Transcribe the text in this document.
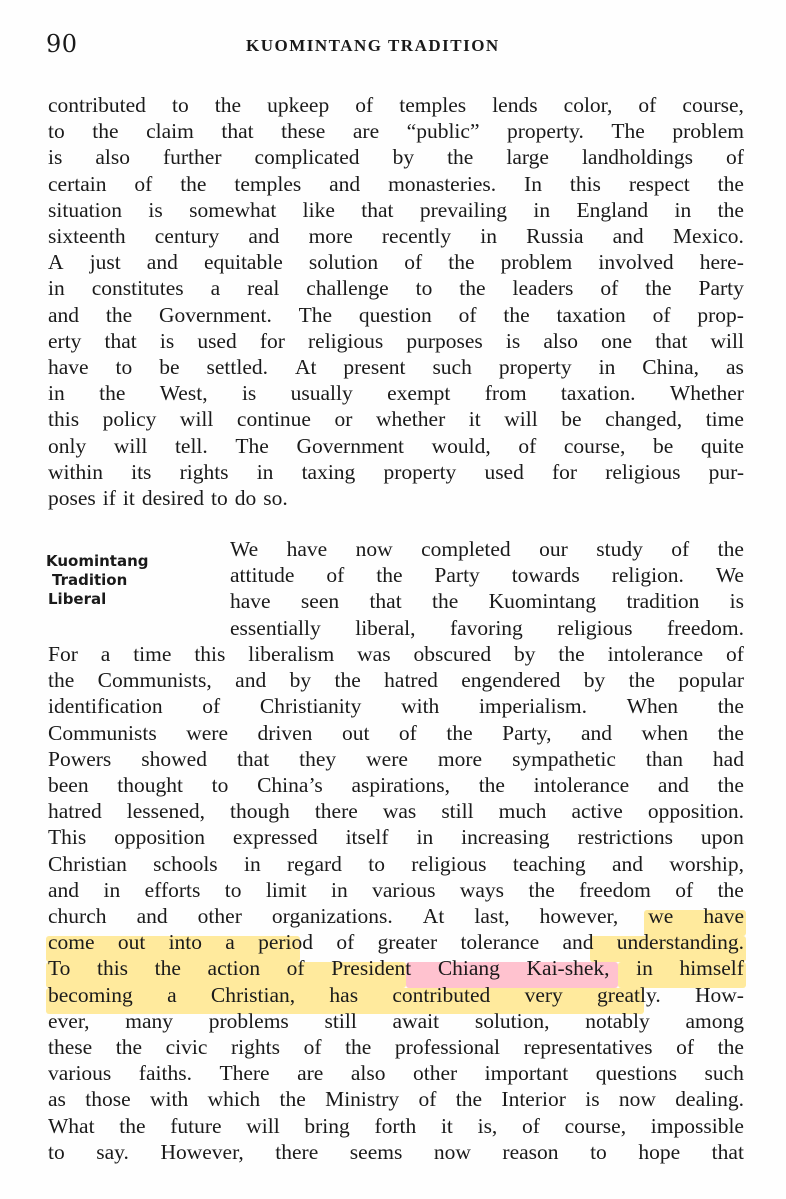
90	KUOMINTANG TRADITION
contributed to the upkeep of temples lends color, of course,
to the claim that these are “public” property. The problem
is also further complicated by the large landholdings of
certain of the temples and monasteries. In this respect the
situation is somewhat like that prevailing in England in the
sixteenth century and more recently in Russia and Mexico.
A just and equitable solution of the problem involved here-
in constitutes a real challenge to the leaders of the Party
and the Government. The question of the taxation of prop-
erty that is used for religious purposes is also one that will
have to be settled. At present such property in China, as
in the West, is usually exempt from taxation. Whether
this policy will continue or whether it will be changed, time
only will tell. The Government would, of course, be quite
within its rights in taxing property used for religious pur-
poses if it desired to do so.
Kuomintang
Tradition
Liberal
We have now completed our study of the
attitude of the Party towards religion. We
have seen that the Kuomintang tradition is
essentially liberal, favoring religious freedom.
For a time this liberalism was obscured by the intolerance of
the Communists, and by the hatred engendered by the popular
identification of Christianity with imperialism. When the
Communists were driven out of the Party, and when the
Powers showed that they were more sympathetic than had
been thought to China’s aspirations, the intolerance and the
hatred lessened, though there was still much active opposition.
This opposition expressed itself in increasing restrictions upon
Christian schools in regard to religious teaching and worship,
and in efforts to limit in various ways the freedom of the
church and other organizations. At last, however, we have
come out into a period of greater tolerance and understanding.
To this the action of President Chiang Kai-shek, in himself
becoming a Christian, has contributed very greatly. How-
ever, many problems still await solution, notably among
these the civic rights of the professional representatives of the
various faiths. There are also other important questions such
as those with which the Ministry of the Interior is now dealing.
What the future will bring forth it is, of course, impossible
to say. However, there seems now reason to hope that
